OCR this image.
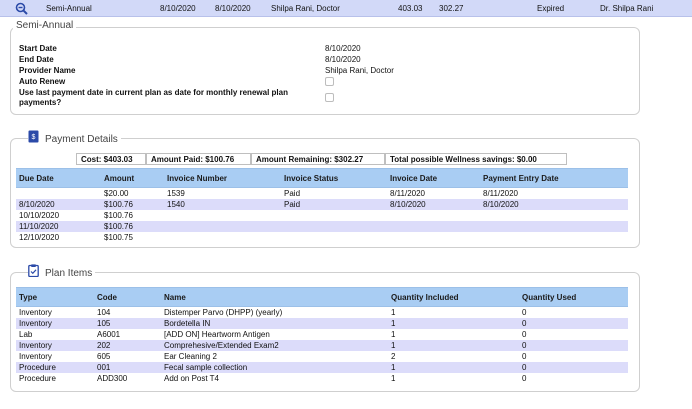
Semi-Annual	8/10/2020 8/10/2020	Shilpa Rani, Doctor	403.03 302.27	Expired	Dr. Shilpa Rani
Semi-Annual
Start Date	8/10/2020
End Date	8/10/2020
Provider Name	Shilpa Rani, Doctor
Auto Renew
Use last payment date in current plan as date for monthly renewal plan
payments?
$ Payment Details
Cost: $403.03	Amount Paid: $100.76	Amount Remaining: $302.27	Total possible Wellness savings: $0.00
Due Date	Amount	Invoice Number	Invoice Status	Invoice Date	Payment Entry Date
	$20.00	1539	Paid	8/11/2020	8/11/2020
8/10/2020	$100.76	1540	Paid	8/10/2020	8/10/2020
10/10/2020	$100.76				
11/10/2020	$100.76				
12/10/2020	$100.75				
Plan Items
Type	Code	Name	Quantity Included	Quantity Used
Inventory	104	Distemper Parvo (DHPP) (yearly)	1	0
Inventory	105	Bordetella IN	1	0
Lab	A6001	[ADD ON] Heartworm Antigen	1	0
Inventory	202	Comprehesive/Extended Exam2	1	0
Inventory	605	Ear Cleaning 2	2	0
Procedure	001	Fecal sample collection	1	0
Procedure	ADD300	Add on Post T4	1	0
